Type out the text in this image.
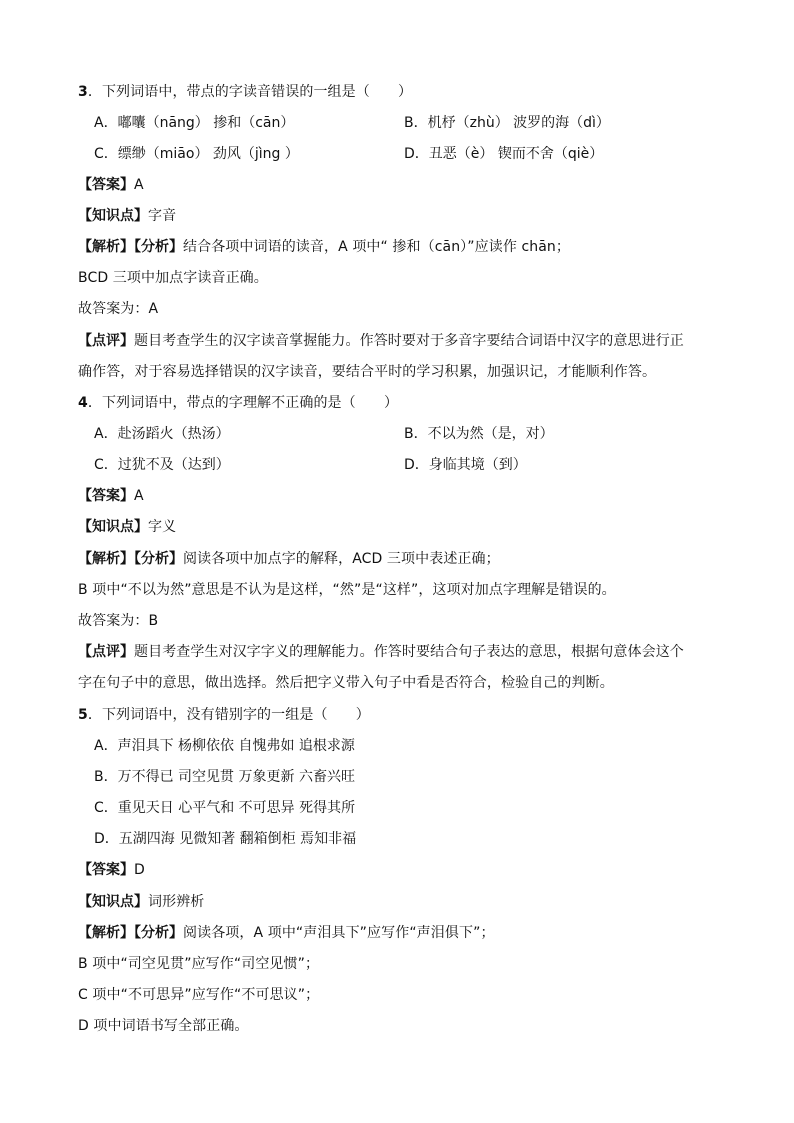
3．下列词语中，带点的字读音错误的一组是（　　）
A．嘟囔（nāng） 掺和（cān）	B．机杼（zhù） 波罗的海（dì）
C．缥缈（miāo） 劲风（jìng ）	D．丑恶（è） 锲而不舍（qiè）
【答案】A
【知识点】字音
【解析】【分析】结合各项中词语的读音，A 项中“ 掺和（cān）”应读作 chān；
BCD 三项中加点字读音正确。
故答案为：A
【点评】题目考查学生的汉字读音掌握能力。作答时要对于多音字要结合词语中汉字的意思进行正
确作答，对于容易选择错误的汉字读音，要结合平时的学习积累，加强识记，才能顺利作答。
4．下列词语中，带点的字理解不正确的是（　　）
A．赴汤蹈火（热汤）	B．不以为然（是，对）
C．过犹不及（达到）	D．身临其境（到）
【答案】A
【知识点】字义
【解析】【分析】阅读各项中加点字的解释，ACD 三项中表述正确；
B 项中“不以为然”意思是不认为是这样，“然”是“这样”，这项对加点字理解是错误的。
故答案为：B
【点评】题目考查学生对汉字字义的理解能力。作答时要结合句子表达的意思，根据句意体会这个
字在句子中的意思，做出选择。然后把字义带入句子中看是否符合，检验自己的判断。
5．下列词语中，没有错别字的一组是（　　）
A．声泪具下 杨柳依依 自愧弗如 追根求源
B．万不得已 司空见贯 万象更新 六畜兴旺
C．重见天日 心平气和 不可思异 死得其所
D．五湖四海 见微知著 翻箱倒柜 焉知非福
【答案】D
【知识点】词形辨析
【解析】【分析】阅读各项，A 项中“声泪具下”应写作“声泪俱下”；
B 项中“司空见贯”应写作“司空见惯”；
C 项中“不可思异”应写作“不可思议”；
D 项中词语书写全部正确。
